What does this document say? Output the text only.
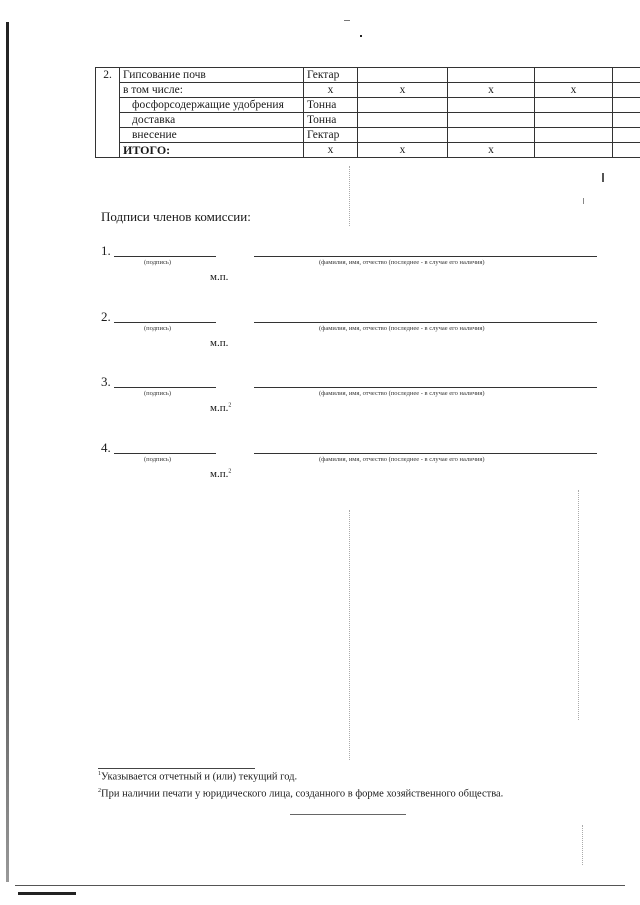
2.	Гипсование почв	Гектар				
	в том числе:	х	х	х	х	
	фосфорсодержащие удобрения	Тонна				
	доставка	Тонна				
	внесение	Гектар				
	ИТОГО:	х	х	х		
Подписи членов комиссии:
1.
(подпись)	(фамилия, имя, отчество (последнее - в случае его наличия)
м.п.
2.
(подпись)	(фамилия, имя, отчество (последнее - в случае его наличия)
м.п.
3.
(подпись)	(фамилия, имя, отчество (последнее - в случае его наличия)
м.п.$^2$
4.
(подпись)	(фамилия, имя, отчество (последнее - в случае его наличия)
м.п.$^2$
$^1$Указывается отчетный и (или) текущий год.
$^2$При наличии печати у юридического лица, созданного в форме хозяйственного общества.
